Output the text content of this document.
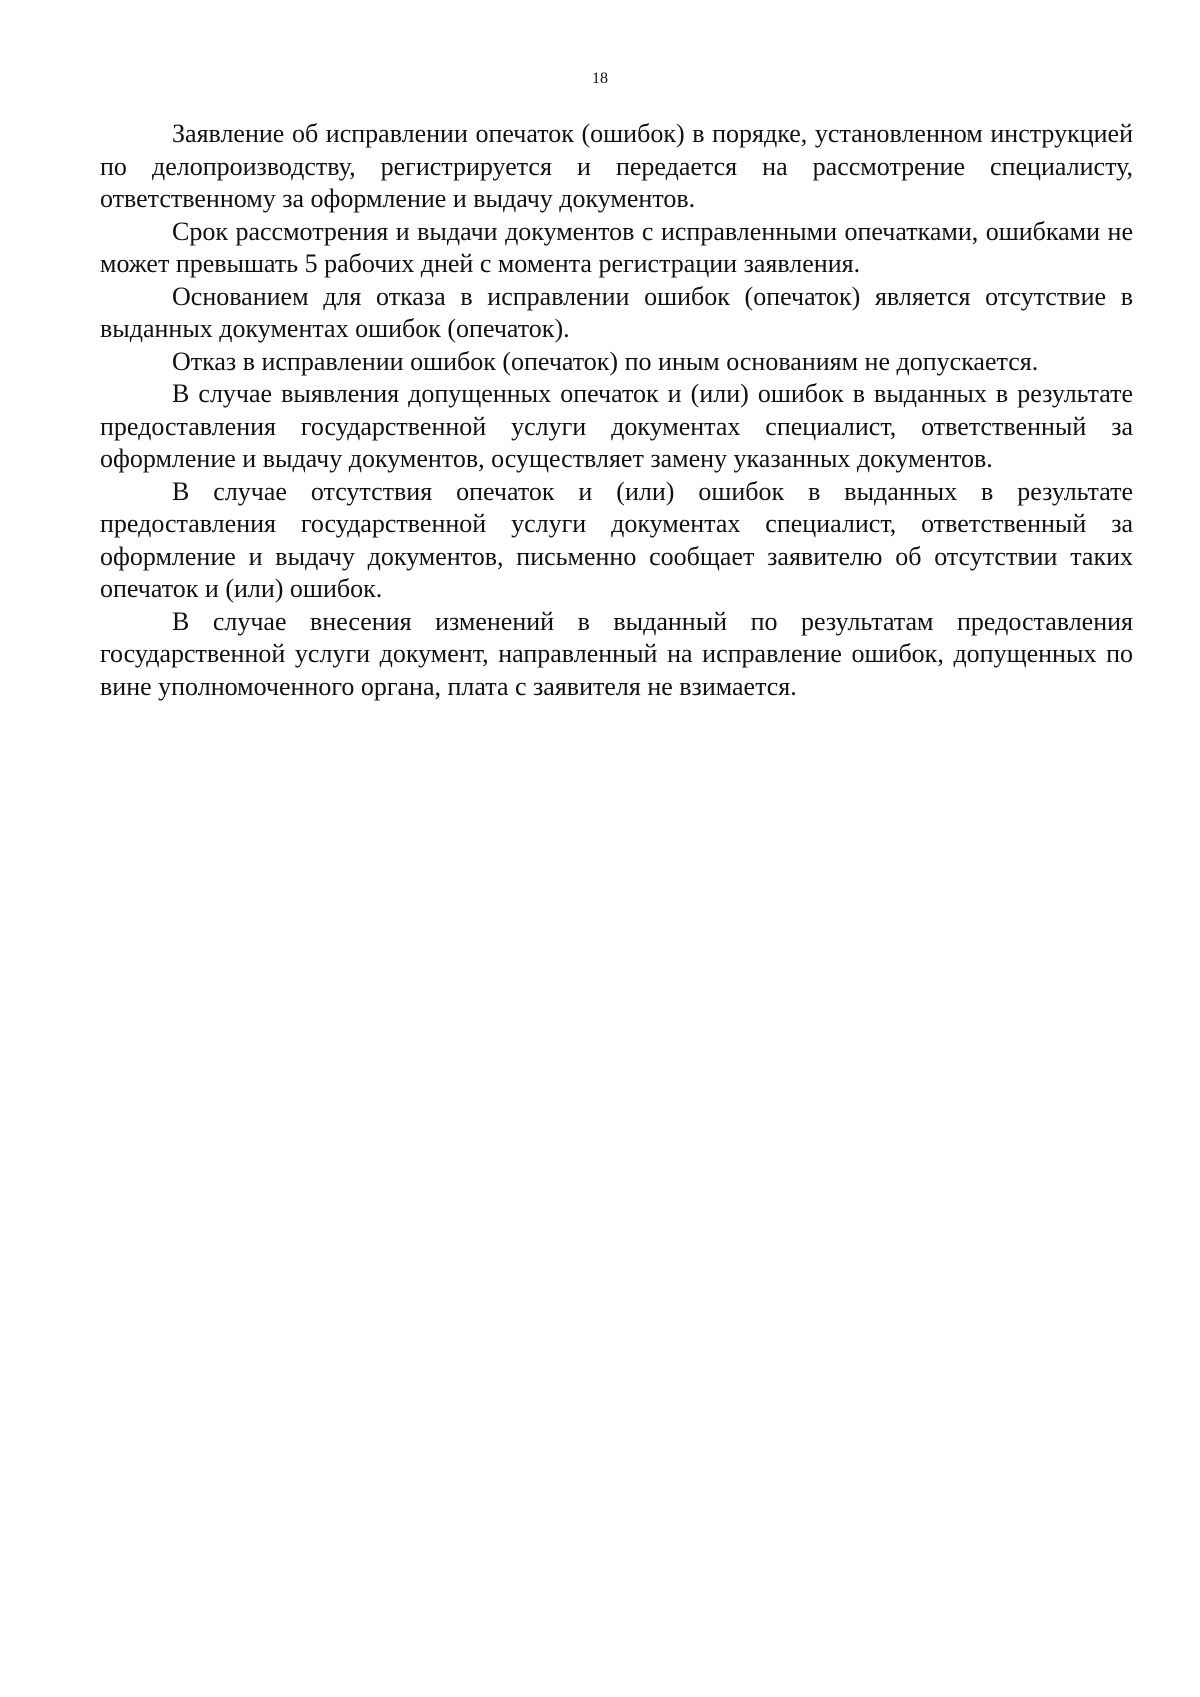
18

Заявление об исправлении опечаток (ошибок) в порядке, установленном инструкцией по делопроизводству, регистрируется и передается на рассмотрение специалисту, ответственному за оформление и выдачу документов.

Срок рассмотрения и выдачи документов с исправленными опечатками, ошибками не может превышать 5 рабочих дней с момента регистрации заявления.

Основанием для отказа в исправлении ошибок (опечаток) является отсутствие в выданных документах ошибок (опечаток).

Отказ в исправлении ошибок (опечаток) по иным основаниям не допускается.

В случае выявления допущенных опечаток и (или) ошибок в выданных в результате предоставления государственной услуги документах специалист, ответственный за оформление и выдачу документов, осуществляет замену указанных документов.

В случае отсутствия опечаток и (или) ошибок в выданных в результате предоставления государственной услуги документах специалист, ответственный за оформление и выдачу документов, письменно сообщает заявителю об отсутствии таких опечаток и (или) ошибок.

В случае внесения изменений в выданный по результатам предоставления государственной услуги документ, направленный на исправление ошибок, допущенных по вине уполномоченного органа, плата с заявителя не взимается.
